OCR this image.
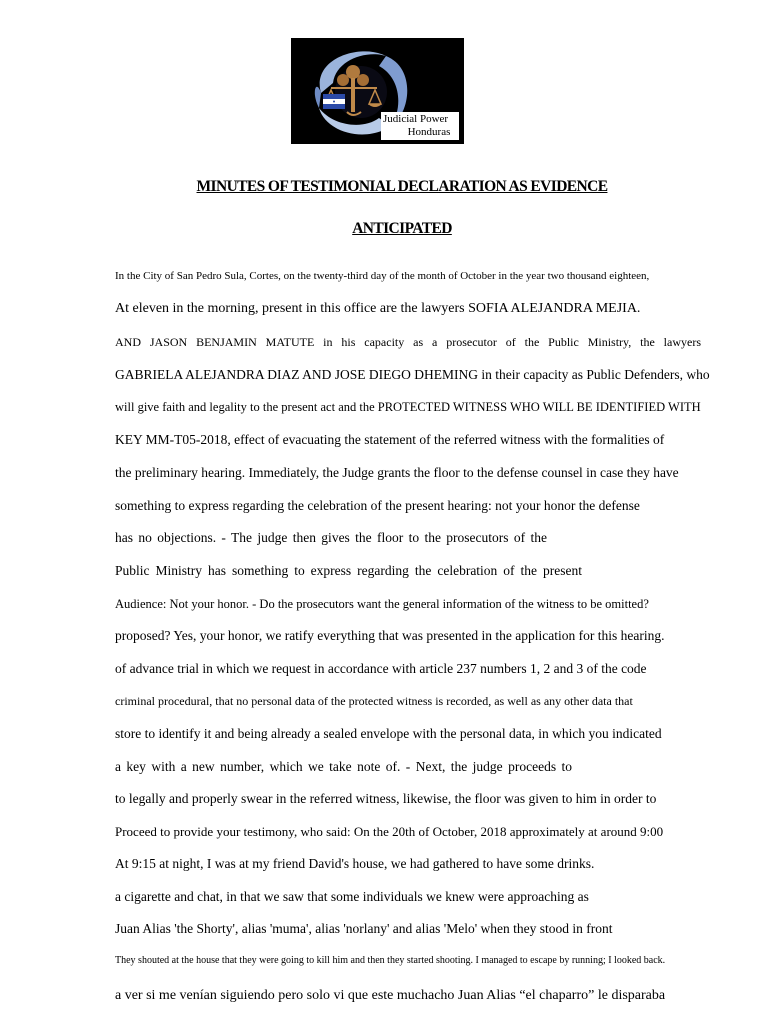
Judicial Power
Honduras
MINUTES OF TESTIMONIAL DECLARATION AS EVIDENCE
ANTICIPATED
In the City of San Pedro Sula, Cortes, on the twenty-third day of the month of October in the year two thousand eighteen,
At eleven in the morning, present in this office are the lawyers SOFIA ALEJANDRA MEJIA.
AND JASON BENJAMIN MATUTE in his capacity as a prosecutor of the Public Ministry, the lawyers
GABRIELA ALEJANDRA DIAZ AND JOSE DIEGO DHEMING in their capacity as Public Defenders, who
will give faith and legality to the present act and the PROTECTED WITNESS WHO WILL BE IDENTIFIED WITH
KEY MM-T05-2018, effect of evacuating the statement of the referred witness with the formalities of
the preliminary hearing. Immediately, the Judge grants the floor to the defense counsel in case they have
something to express regarding the celebration of the present hearing: not your honor the defense
has no objections. - The judge then gives the floor to the prosecutors of the
Public Ministry has something to express regarding the celebration of the present
Audience: Not your honor. - Do the prosecutors want the general information of the witness to be omitted?
proposed? Yes, your honor, we ratify everything that was presented in the application for this hearing.
of advance trial in which we request in accordance with article 237 numbers 1, 2 and 3 of the code
criminal procedural, that no personal data of the protected witness is recorded, as well as any other data that
store to identify it and being already a sealed envelope with the personal data, in which you indicated
a key with a new number, which we take note of. - Next, the judge proceeds to
to legally and properly swear in the referred witness, likewise, the floor was given to him in order to
Proceed to provide your testimony, who said: On the 20th of October, 2018 approximately at around 9:00
At 9:15 at night, I was at my friend David's house, we had gathered to have some drinks.
a cigarette and chat, in that we saw that some individuals we knew were approaching as
Juan Alias 'the Shorty', alias 'muma', alias 'norlany' and alias 'Melo' when they stood in front
They shouted at the house that they were going to kill him and then they started shooting. I managed to escape by running; I looked back.
a ver si me venían siguiendo pero solo vi que este muchacho Juan Alias “el chaparro” le disparaba
